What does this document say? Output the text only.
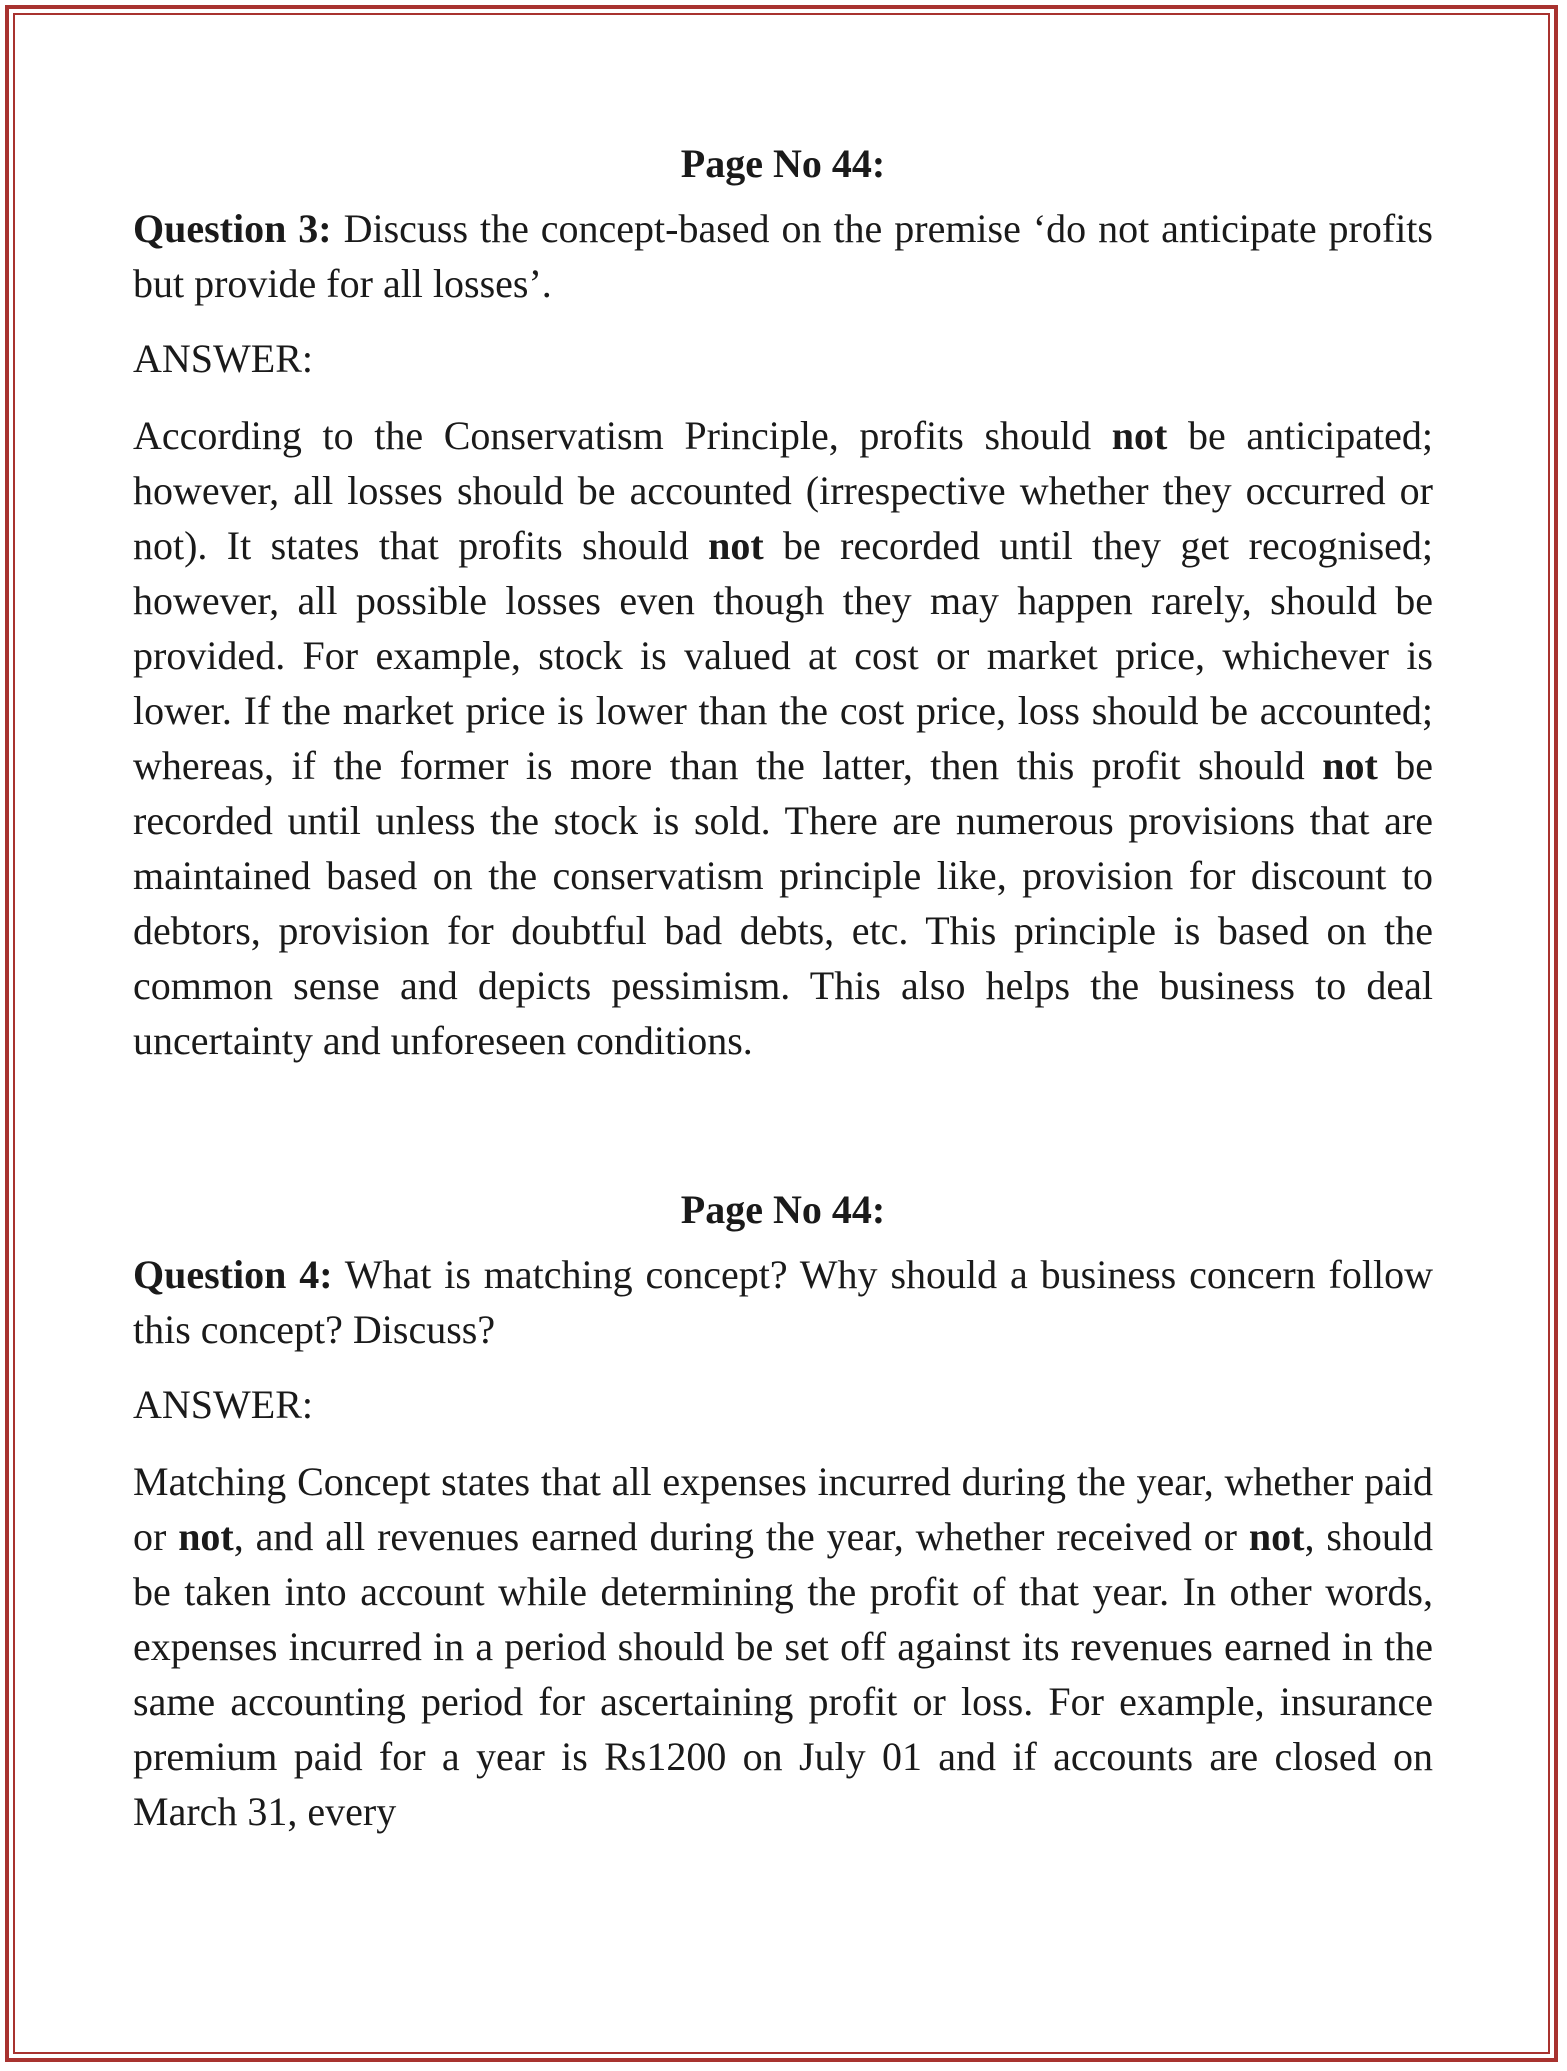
Page No 44:

Question 3: Discuss the concept-based on the premise ‘do not anticipate profits but provide for all losses’.

ANSWER:

According to the Conservatism Principle, profits should not be anticipated; however, all losses should be accounted (irrespective whether they occurred or not). It states that profits should not be recorded until they get recognised; however, all possible losses even though they may happen rarely, should be provided. For example, stock is valued at cost or market price, whichever is lower. If the market price is lower than the cost price, loss should be accounted; whereas, if the former is more than the latter, then this profit should not be recorded until unless the stock is sold. There are numerous provisions that are maintained based on the conservatism principle like, provision for discount to debtors, provision for doubtful bad debts, etc. This principle is based on the common sense and depicts pessimism. This also helps the business to deal uncertainty and unforeseen conditions.

Page No 44:

Question 4: What is matching concept? Why should a business concern follow this concept? Discuss?

ANSWER:

Matching Concept states that all expenses incurred during the year, whether paid or not, and all revenues earned during the year, whether received or not, should be taken into account while determining the profit of that year. In other words, expenses incurred in a period should be set off against its revenues earned in the same accounting period for ascertaining profit or loss. For example, insurance premium paid for a year is Rs1200 on July 01 and if accounts are closed on March 31, every
